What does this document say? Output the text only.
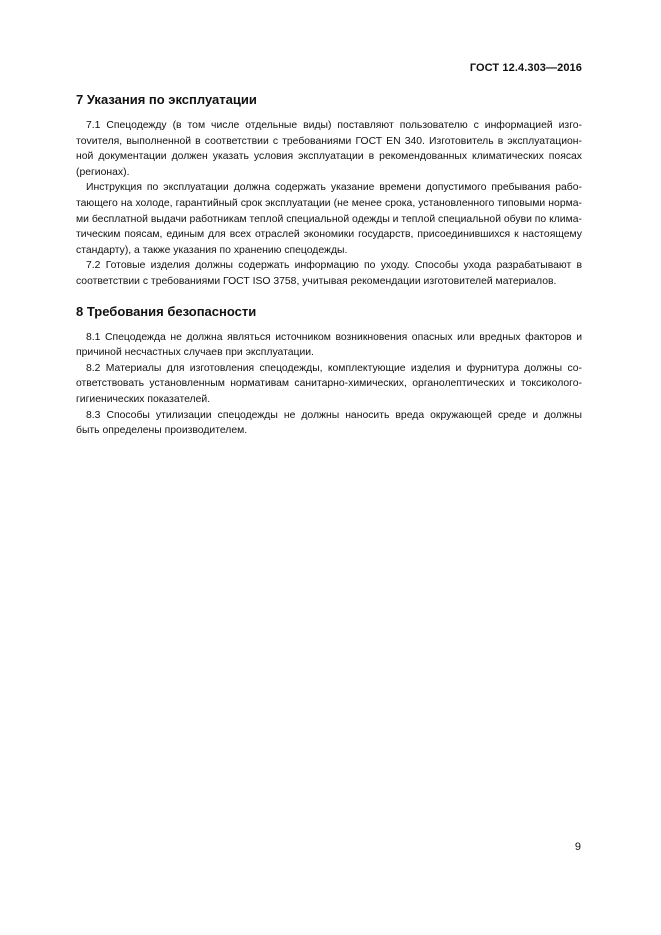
ГОСТ 12.4.303—2016
7 Указания по эксплуатации

7.1 Спецодежду (в том числе отдельные виды) поставляют пользователю с информацией изго-
тovителя, выполненной в соответствии с требованиями ГОСТ EN 340. Изготовитель в эксплуатацион-
ной документации должен указать условия эксплуатации в рекомендованных климатических поясах
(регионах).

Инструкция по эксплуатации должна содержать указание времени допустимого пребывания рабо-
тающего на холоде, гарантийный срок эксплуатации (не менее срока, установленного типовыми норма-
ми бесплатной выдачи работникам теплой специальной одежды и теплой специальной обуви по клима-
тическим поясам, единым для всех отраслей экономики государств, присоединившихся к настоящему
стандарту), а также указания по хранению спецодежды.

7.2 Готовые изделия должны содержать информацию по уходу. Способы ухода разрабатывают в
соответствии с требованиями ГОСТ ISO 3758, учитывая рекомендации изготовителей материалов.

8 Требования безопасности

8.1 Спецодежда не должна являться источником возникновения опасных или вредных факторов и
причиной несчастных случаев при эксплуатации.

8.2 Материалы для изготовления спецодежды, комплектующие изделия и фурнитура должны со-
ответствовать установленным нормативам санитарно-химических, органолептических и токсиколого-
гигиенических показателей.

8.3 Способы утилизации спецодежды не должны наносить вреда окружающей среде и должны
быть определены производителем.

9
